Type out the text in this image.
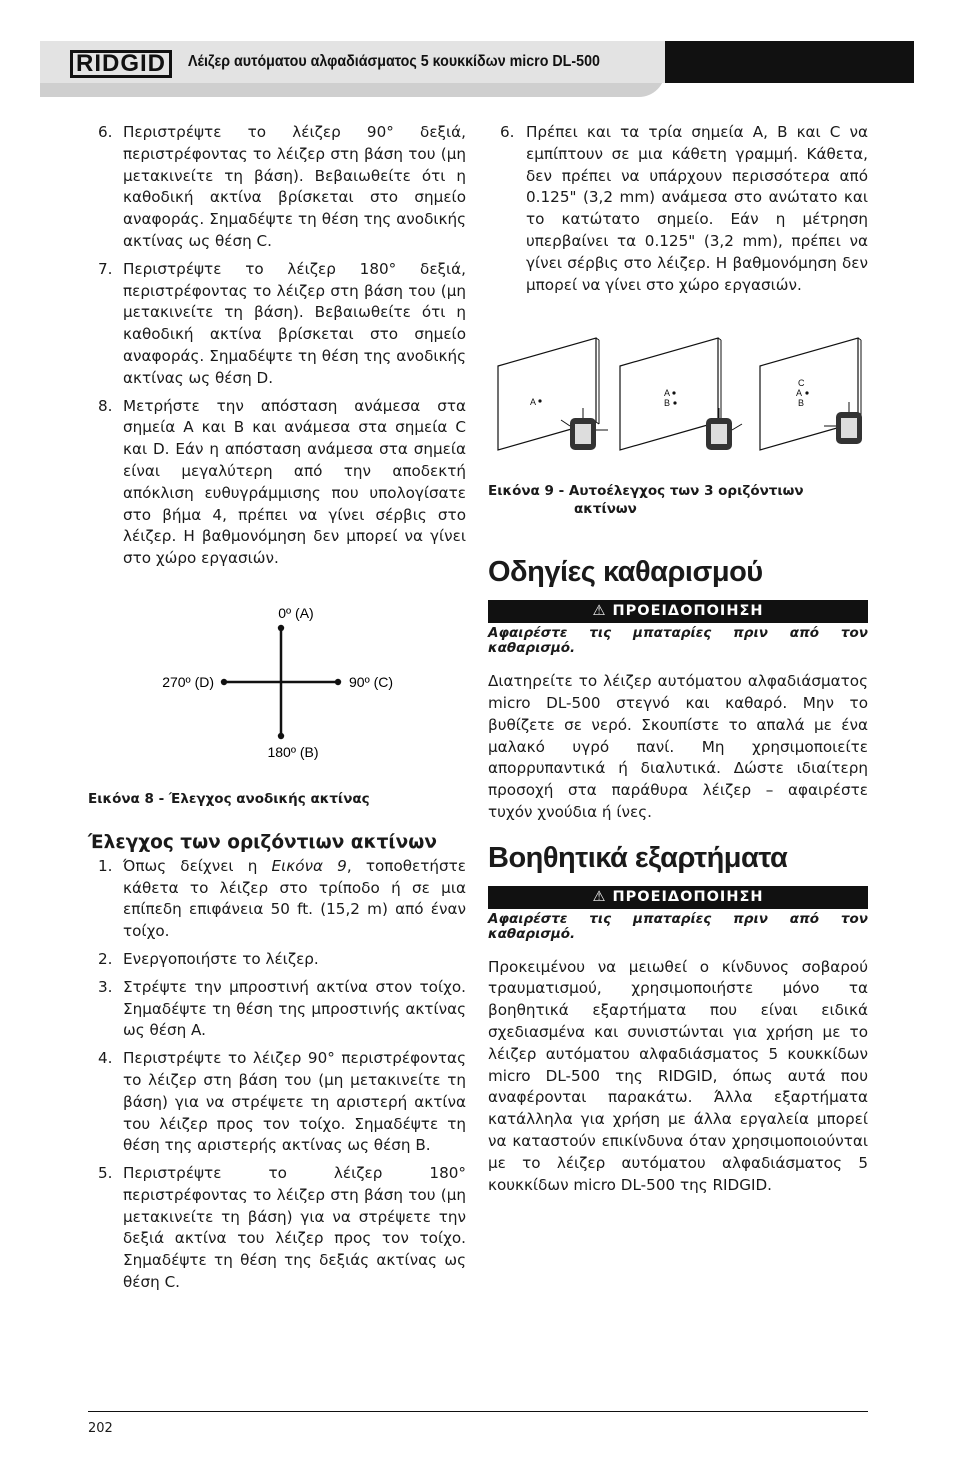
RIDGID	Λέιζερ αυτόματου αλφαδιάσματος 5 κουκκίδων micro DL-500
6. Περιστρέψτε το λέιζερ 90° δεξιά, περιστρέφοντας το λέιζερ στη βάση του (μη μετακινείτε τη βάση). Βεβαιωθείτε ότι η καθοδική ακτίνα βρίσκεται στο σημείο αναφοράς. Σημαδέψτε τη θέση της ανοδικής ακτίνας ως θέση C.
7. Περιστρέψτε το λέιζερ 180° δεξιά, περιστρέφοντας το λέιζερ στη βάση του (μη μετακινείτε τη βάση). Βεβαιωθείτε ότι η καθοδική ακτίνα βρίσκεται στο σημείο αναφοράς. Σημαδέψτε τη θέση της ανοδικής ακτίνας ως θέση D.
8. Μετρήστε την απόσταση ανάμεσα στα σημεία A και B και ανάμεσα στα σημεία C και D. Εάν η απόσταση ανάμεσα στα σημεία είναι μεγαλύτερη από την αποδεκτή απόκλιση ευθυγράμμισης που υπολογίσατε στο βήμα 4, πρέπει να γίνει σέρβις στο λέιζερ. Η βαθμονόμηση δεν μπορεί να γίνει στο χώρο εργασιών.
0º (A)
90º (C)
180º (B)
270º (D)
Εικόνα 8 - Έλεγχος ανοδικής ακτίνας
Έλεγχος των οριζόντιων ακτίνων
1. Όπως δείχνει η Εικόνα 9, τοποθετήστε κάθετα το λέιζερ στο τρίποδο ή σε μια επίπεδη επιφάνεια 50 ft. (15,2 m) από έναν τοίχο.
2. Ενεργοποιήστε το λέιζερ.
3. Στρέψτε την μπροστινή ακτίνα στον τοίχο. Σημαδέψτε τη θέση της μπροστινής ακτίνας ως θέση A.
4. Περιστρέψτε το λέιζερ 90° περιστρέφοντας το λέιζερ στη βάση του (μη μετακινείτε τη βάση) για να στρέψετε τη αριστερή ακτίνα του λέιζερ προς τον τοίχο. Σημαδέψτε τη θέση της αριστερής ακτίνας ως θέση B.
5. Περιστρέψτε το λέιζερ 180° περιστρέφοντας το λέιζερ στη βάση του (μη μετακινείτε τη βάση) για να στρέψετε την δεξιά ακτίνα του λέιζερ προς τον τοίχο. Σημαδέψτε τη θέση της δεξιάς ακτίνας ως θέση C.
6. Πρέπει και τα τρία σημεία A, B και C να εμπίπτουν σε μια κάθετη γραμμή. Κάθετα, δεν πρέπει να υπάρχουν περισσότερα από 0.125" (3,2 mm) ανάμεσα στο ανώτατο και το κατώτατο σημείο. Εάν η μέτρηση υπερβαίνει τα 0.125" (3,2 mm), πρέπει να γίνει σέρβις στο λέιζερ. Η βαθμονόμηση δεν μπορεί να γίνει στο χώρο εργασιών.
A
A
B
C
A
B
Εικόνα 9 - Αυτοέλεγχος των 3 οριζόντιων
ακτίνων
Οδηγίες καθαρισμού
⚠ ΠΡΟΕΙΔΟΠΟΙΗΣΗ
Αφαιρέστε τις μπαταρίες πριν από τον καθαρισμό.

Διατηρείτε το λέιζερ αυτόματου αλφαδιάσματος micro DL-500 στεγνό και καθαρό. Μην το βυθίζετε σε νερό. Σκουπίστε το απαλά με ένα μαλακό υγρό πανί. Μη χρησιμοποιείτε απορρυπαντικά ή διαλυτικά. Δώστε ιδιαίτερη προσοχή στα παράθυρα λέιζερ – αφαιρέστε τυχόν χνούδια ή ίνες.

Βοηθητικά εξαρτήματα
⚠ ΠΡΟΕΙΔΟΠΟΙΗΣΗ
Αφαιρέστε τις μπαταρίες πριν από τον καθαρισμό.

Προκειμένου να μειωθεί ο κίνδυνος σοβαρού τραυματισμού, χρησιμοποιήστε μόνο τα βοηθητικά εξαρτήματα που είναι ειδικά σχεδιασμένα και συνιστώνται για χρήση με το λέιζερ αυτόματου αλφαδιάσματος 5 κουκκίδων micro DL-500 της RIDGID, όπως αυτά που αναφέρονται παρακάτω. Άλλα εξαρτήματα κατάλληλα για χρήση με άλλα εργαλεία μπορεί να καταστούν επικίνδυνα όταν χρησιμοποιούνται με το λέιζερ αυτόματου αλφαδιάσματος 5 κουκκίδων micro DL-500 της RIDGID.

202
